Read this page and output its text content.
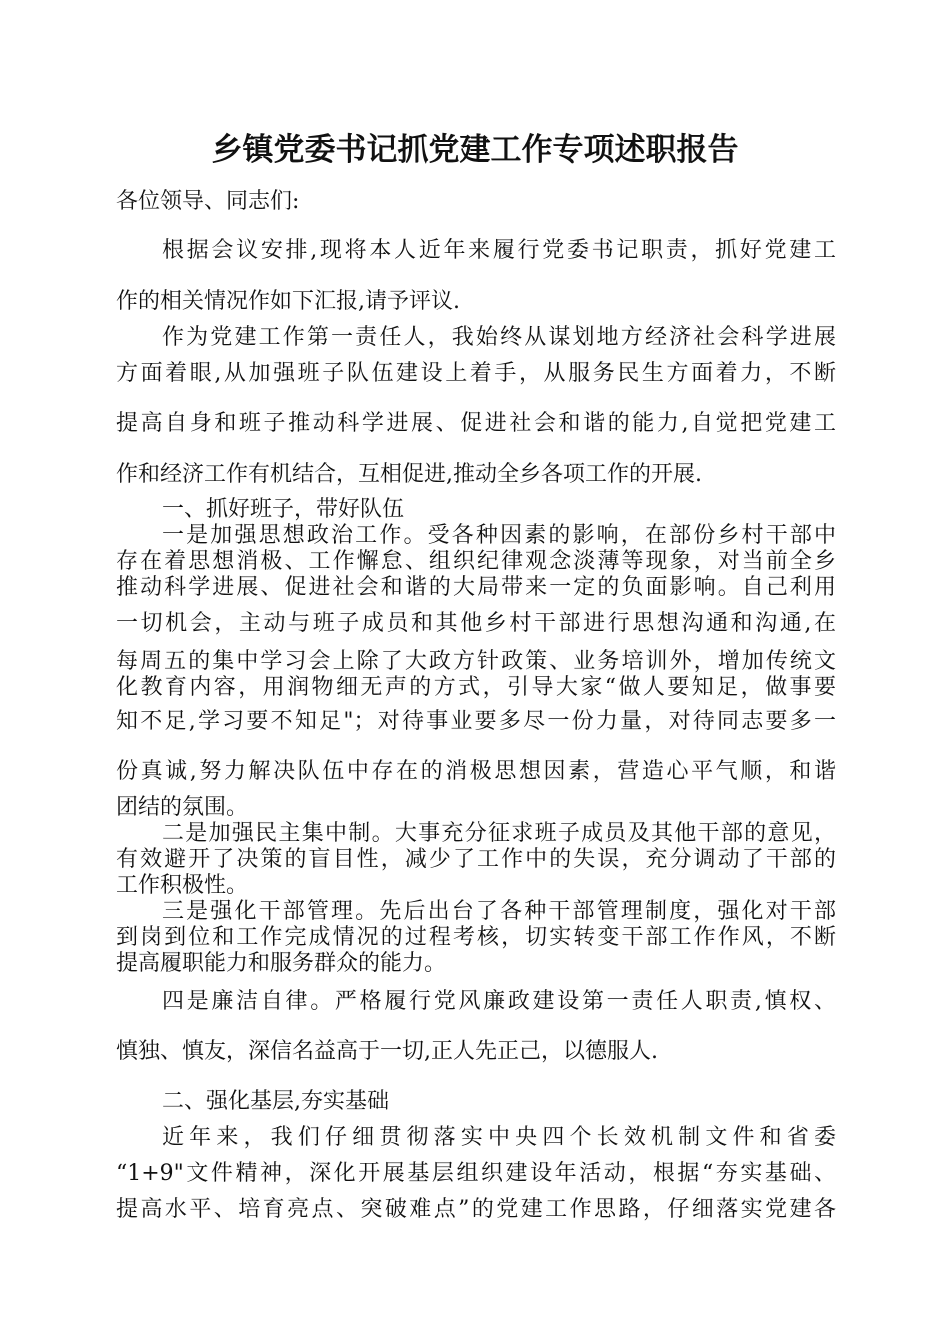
乡镇党委书记抓党建工作专项述职报告
各位领导、同志们:
根据会议安排,现将本人近年来履行党委书记职责，抓好党建工
作的相关情况作如下汇报,请予评议.
作为党建工作第一责任人，我始终从谋划地方经济社会科学进展
方面着眼,从加强班子队伍建设上着手，从服务民生方面着力，不断
提高自身和班子推动科学进展、促进社会和谐的能力,自觉把党建工
作和经济工作有机结合，互相促进,推动全乡各项工作的开展.
一、抓好班子，带好队伍
一是加强思想政治工作。受各种因素的影响，在部份乡村干部中
存在着思想消极、工作懈怠、组织纪律观念淡薄等现象，对当前全乡
推动科学进展、促进社会和谐的大局带来一定的负面影响。自己利用
一切机会，主动与班子成员和其他乡村干部进行思想沟通和沟通,在
每周五的集中学习会上除了大政方针政策、业务培训外，增加传统文
化教育内容，用润物细无声的方式，引导大家“做人要知足，做事要
知不足,学习要不知足"；对待事业要多尽一份力量，对待同志要多一
份真诚,努力解决队伍中存在的消极思想因素，营造心平气顺，和谐
团结的氛围。
二是加强民主集中制。大事充分征求班子成员及其他干部的意见，
有效避开了决策的盲目性，减少了工作中的失误，充分调动了干部的
工作积极性。
三是强化干部管理。先后出台了各种干部管理制度，强化对干部
到岗到位和工作完成情况的过程考核，切实转变干部工作作风，不断
提高履职能力和服务群众的能力。
四是廉洁自律。严格履行党风廉政建设第一责任人职责,慎权、
慎独、慎友，深信名益高于一切,正人先正己，以德服人.
二、强化基层,夯实基础
近年来，我们仔细贯彻落实中央四个长效机制文件和省委
“1+9"文件精神，深化开展基层组织建设年活动，根据“夯实基础、
提高水平、培育亮点、突破难点”的党建工作思路，仔细落实党建各
